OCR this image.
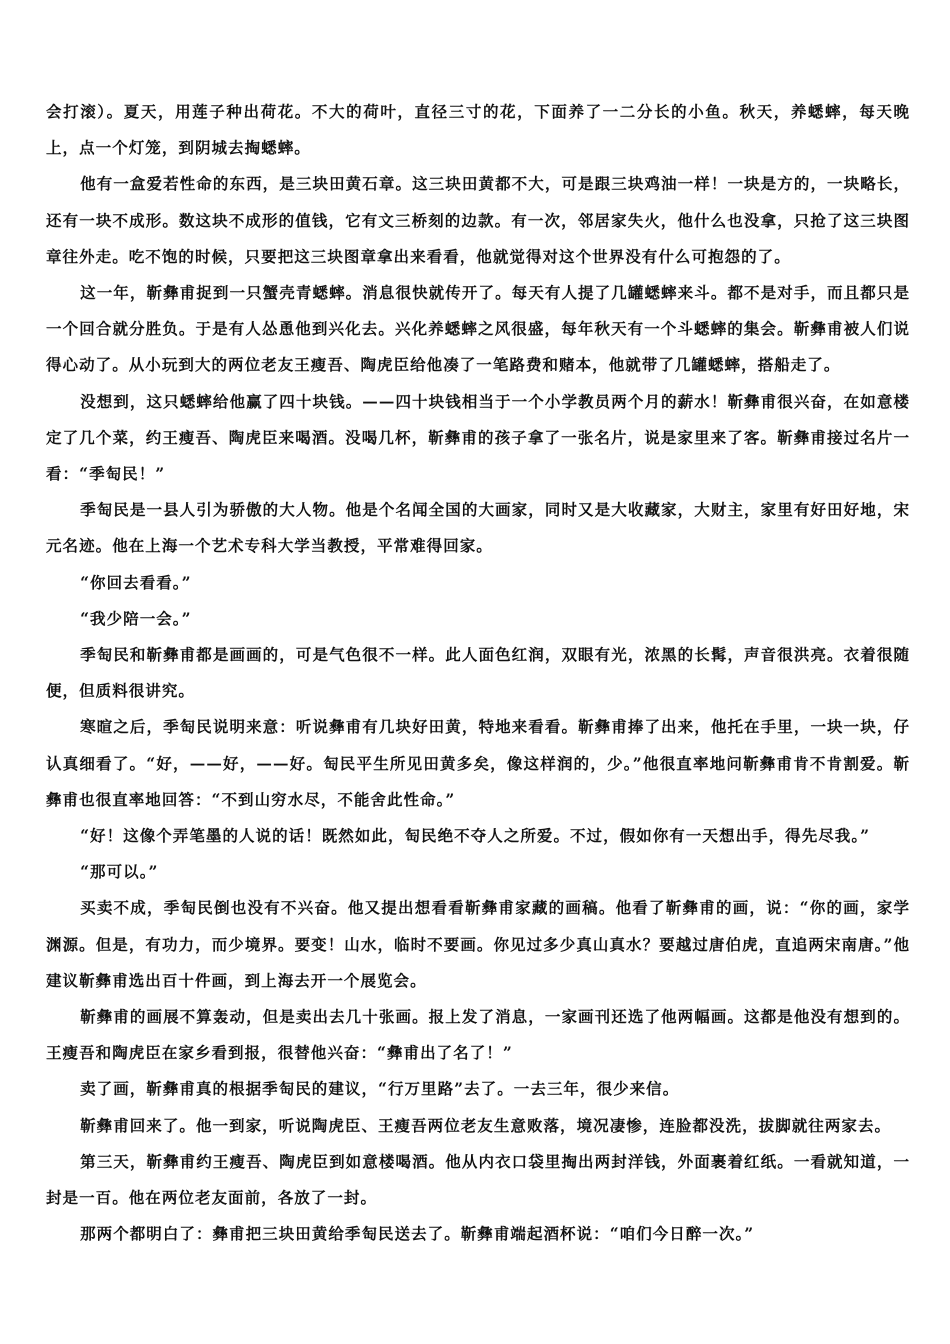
会打滚）。夏天，用莲子种出荷花。不大的荷叶，直径三寸的花，下面养了一二分长的小鱼。秋天，养蟋蟀，每天晚上，点一个灯笼，到阴城去掏蟋蟀。

他有一盒爱若性命的东西，是三块田黄石章。这三块田黄都不大，可是跟三块鸡油一样！一块是方的，一块略长，还有一块不成形。数这块不成形的值钱，它有文三桥刻的边款。有一次，邻居家失火，他什么也没拿，只抢了这三块图章往外走。吃不饱的时候，只要把这三块图章拿出来看看，他就觉得对这个世界没有什么可抱怨的了。

这一年，靳彝甫捉到一只蟹壳青蟋蟀。消息很快就传开了。每天有人提了几罐蟋蟀来斗。都不是对手，而且都只是一个回合就分胜负。于是有人怂恿他到兴化去。兴化养蟋蟀之风很盛，每年秋天有一个斗蟋蟀的集会。靳彝甫被人们说得心动了。从小玩到大的两位老友王瘦吾、陶虎臣给他凑了一笔路费和赌本，他就带了几罐蟋蟀，搭船走了。

没想到，这只蟋蟀给他赢了四十块钱。——四十块钱相当于一个小学教员两个月的薪水！靳彝甫很兴奋，在如意楼定了几个菜，约王瘦吾、陶虎臣来喝酒。没喝几杯，靳彝甫的孩子拿了一张名片，说是家里来了客。靳彝甫接过名片一看：“季匋民！”

季匋民是一县人引为骄傲的大人物。他是个名闻全国的大画家，同时又是大收藏家，大财主，家里有好田好地，宋元名迹。他在上海一个艺术专科大学当教授，平常难得回家。

“你回去看看。”

“我少陪一会。”

季匋民和靳彝甫都是画画的，可是气色很不一样。此人面色红润，双眼有光，浓黑的长髯，声音很洪亮。衣着很随便，但质料很讲究。

寒暄之后，季匋民说明来意：听说彝甫有几块好田黄，特地来看看。靳彝甫捧了出来，他托在手里，一块一块，仔认真细看了。“好，——好，——好。匋民平生所见田黄多矣，像这样润的，少。”他很直率地问靳彝甫肯不肯割爱。靳彝甫也很直率地回答：“不到山穷水尽，不能舍此性命。”

“好！这像个弄笔墨的人说的话！既然如此，匋民绝不夺人之所爱。不过，假如你有一天想出手，得先尽我。”

“那可以。”

买卖不成，季匋民倒也没有不兴奋。他又提出想看看靳彝甫家藏的画稿。他看了靳彝甫的画，说：“你的画，家学渊源。但是，有功力，而少境界。要变！山水，临时不要画。你见过多少真山真水？要越过唐伯虎，直追两宋南唐。”他建议靳彝甫选出百十件画，到上海去开一个展览会。

靳彝甫的画展不算轰动，但是卖出去几十张画。报上发了消息，一家画刊还选了他两幅画。这都是他没有想到的。王瘦吾和陶虎臣在家乡看到报，很替他兴奋：“彝甫出了名了！”

卖了画，靳彝甫真的根据季匋民的建议，“行万里路”去了。一去三年，很少来信。

靳彝甫回来了。他一到家，听说陶虎臣、王瘦吾两位老友生意败落，境况凄惨，连脸都没洗，拔脚就往两家去。

第三天，靳彝甫约王瘦吾、陶虎臣到如意楼喝酒。他从内衣口袋里掏出两封洋钱，外面裹着红纸。一看就知道，一封是一百。他在两位老友面前，各放了一封。

那两个都明白了：彝甫把三块田黄给季匋民送去了。靳彝甫端起酒杯说：“咱们今日醉一次。”
